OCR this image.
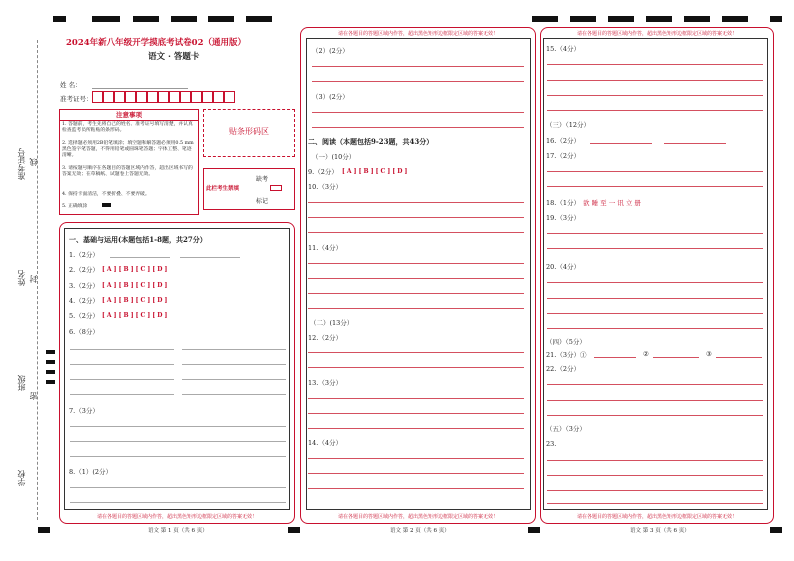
准考证号 线
姓名 封
班级
密
学校
2024年新八年级开学摸底考试卷02（通用版）
语文 · 答题卡
姓 名：
准考证号：
注意事项
1. 答题前，考生先将自己的姓名、准考证号填写清楚，并认真检查监考员所粘贴的条形码。
2. 选择题必须用2B铅笔填涂；填空题和解答题必须用0.5 mm黑色签字笔答题，不得用铅笔或圆珠笔答题；字体工整、笔迹清晰。
3. 请按题号顺序在各题目的答题区域内作答，超出区域书写的答案无效；在草稿纸、试题卷上答题无效。
4. 保持卡面清洁，不要折叠、不要弄破。
5. 正确填涂
贴条形码区
缺考
此栏考生禁填
标记
一、基础与运用(本题包括1-8题，共27分）
1.（2分）
2.（2分） [ A ] [ B ] [ C ] [ D ]
3.（2分） [ A ] [ B ] [ C ] [ D ]
4.（2分） [ A ] [ B ] [ C ] [ D ]
5.（2分） [ A ] [ B ] [ C ] [ D ]
6.（8分）
7.（3分）
8.（1）(2分）
请在各题目的答题区域内作答，超出黑色矩形边框限定区域的答案无效！
语文 第 1 页（共 6 页）
请在各题目的答题区域内作答，超出黑色矩形边框限定区域的答案无效！
（2）(2分）
（3）(2分）
二、阅读（本题包括9-23题，共43分）
（一）(10分）
9.（2分） [ A ] [ B ] [ C ] [ D ]
10.（3分）
11.（4分）
（二）(13分）
12.（2分）
13.（3分）
14.（4分）
请在各题目的答题区域内作答，超出黑色矩形边框限定区域的答案无效！
语文 第 2 页（共 6 页）
请在各题目的答题区域内作答，超出黑色矩形边框限定区域的答案无效！
15.（4分）
（三）（12分）
16.（2分）
17.（2分）
18.（1分） 欲 睡 至 一 讯 立 册
19.（3分）
20.（4分）
（四）（5分）
21.（3分）①	②	③
22.（2分）
（五）（3分）
23.
请在各题目的答题区域内作答，超出黑色矩形边框限定区域的答案无效！
语文 第 3 页（共 6 页）
